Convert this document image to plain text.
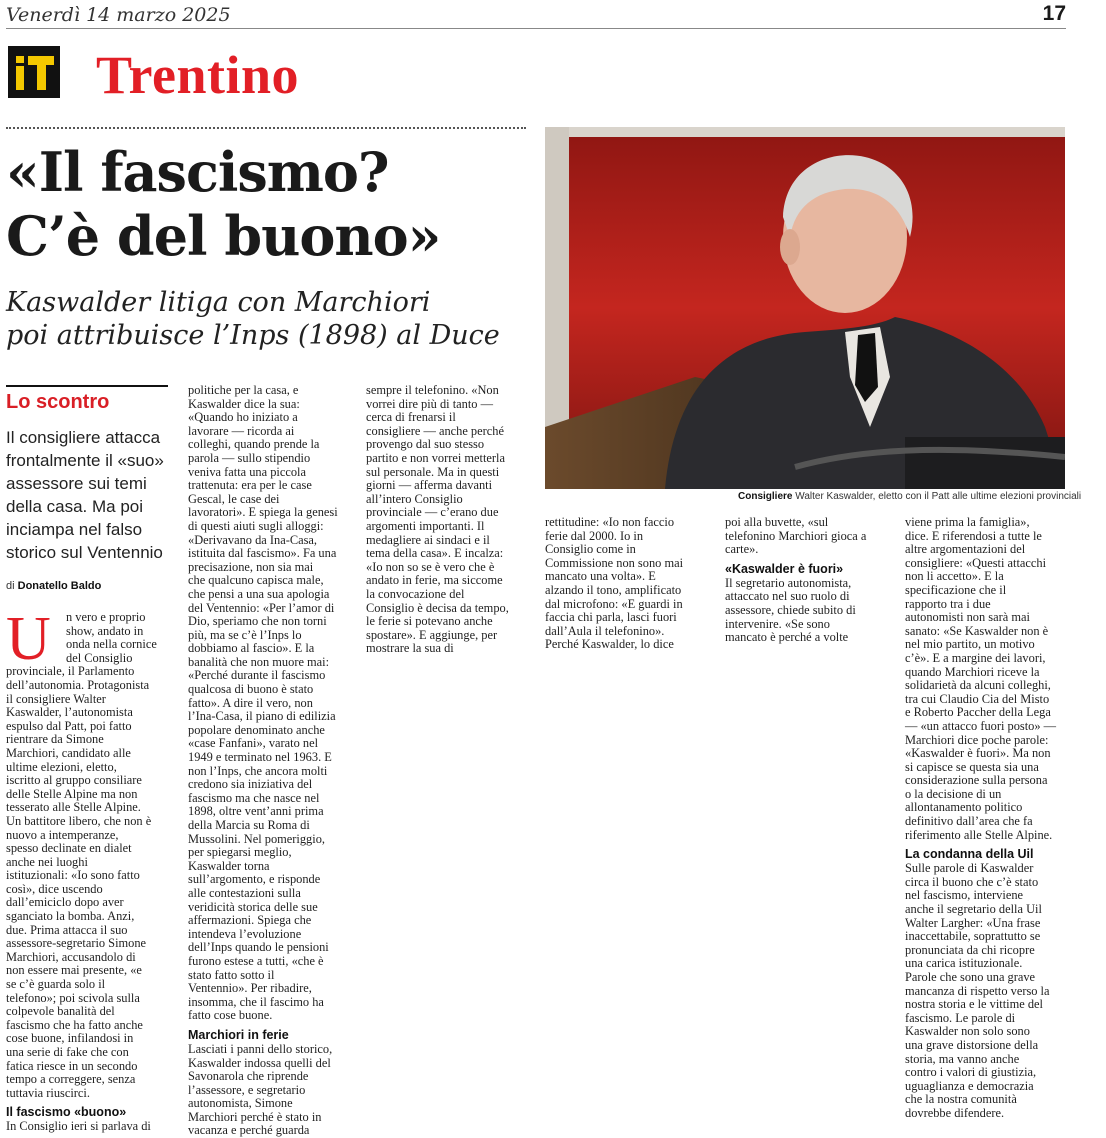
Venerdì 14 marzo 2025	17
Trentino
«Il fascismo?
C’è del buono»
Kaswalder litiga con Marchiori
poi attribuisce l’Inps (1898) al Duce
Consigliere Walter Kaswalder, eletto con il Patt alle ultime elezioni provinciali
Lo scontro
Il consigliere attacca
frontalmente il «suo»
assessore sui temi
della casa. Ma poi
inciampa nel falso
storico sul Ventennio
di Donatello Baldo
U	n vero e proprio
show, andato in
onda nella cornice
del Consiglio
provinciale, il Parlamento
dell’autonomia. Protagonista
il consigliere Walter
Kaswalder, l’autonomista
espulso dal Patt, poi fatto
rientrare da Simone
Marchiori, candidato alle
ultime elezioni, eletto,
iscritto al gruppo consiliare
delle Stelle Alpine ma non
tesserato alle Stelle Alpine.
Un battitore libero, che non è
nuovo a intemperanze,
spesso declinate en dialet
anche nei luoghi
istituzionali: «Io sono fatto
così», dice uscendo
dall’emiciclo dopo aver
sganciato la bomba. Anzi,
due. Prima attacca il suo
assessore-segretario Simone
Marchiori, accusandolo di
non essere mai presente, «e
se c’è guarda solo il
telefono»; poi scivola sulla
colpevole banalità del
fascismo che ha fatto anche
cose buone, infilandosi in
una serie di fake che con
fatica riesce in un secondo
tempo a correggere, senza
tuttavia riuscirci.
Il fascismo «buono»
In Consiglio ieri si parlava di
politiche per la casa, e
Kaswalder dice la sua:
«Quando ho iniziato a
lavorare — ricorda ai
colleghi, quando prende la
parola — sullo stipendio
veniva fatta una piccola
trattenuta: era per le case
Gescal, le case dei
lavoratori». E spiega la genesi
di questi aiuti sugli alloggi:
«Derivavano da Ina-Casa,
istituita dal fascismo». Fa una
precisazione, non sia mai
che qualcuno capisca male,
che pensi a una sua apologia
del Ventennio: «Per l’amor di
Dio, speriamo che non torni
più, ma se c’è l’Inps lo
dobbiamo al fascio». E la
banalità che non muore mai:
«Perché durante il fascismo
qualcosa di buono è stato
fatto». A dire il vero, non
l’Ina-Casa, il piano di edilizia
popolare denominato anche
«case Fanfani», varato nel
1949 e terminato nel 1963. E
non l’Inps, che ancora molti
credono sia iniziativa del
fascismo ma che nasce nel
1898, oltre vent’anni prima
della Marcia su Roma di
Mussolini. Nel pomeriggio,
per spiegarsi meglio,
Kaswalder torna
sull’argomento, e risponde
alle contestazioni sulla
veridicità storica delle sue
affermazioni. Spiega che
intendeva l’evoluzione
dell’Inps quando le pensioni
furono estese a tutti, «che è
stato fatto sotto il
Ventennio». Per ribadire,
insomma, che il fascimo ha
fatto cose buone.
Marchiori in ferie
Lasciati i panni dello storico,
Kaswalder indossa quelli del
Savonarola che riprende
l’assessore, e segretario
autonomista, Simone
Marchiori perché è stato in
vacanza e perché guarda
sempre il telefonino. «Non
vorrei dire più di tanto —
cerca di frenarsi il
consigliere — anche perché
provengo dal suo stesso
partito e non vorrei metterla
sul personale. Ma in questi
giorni — afferma davanti
all’intero Consiglio
provinciale — c’erano due
argomenti importanti. Il
medagliere ai sindaci e il
tema della casa». E incalza:
«Io non so se è vero che è
andato in ferie, ma siccome
la convocazione del
Consiglio è decisa da tempo,
le ferie si potevano anche
spostare». E aggiunge, per
mostrare la sua di
rettitudine: «Io non faccio
ferie dal 2000. Io in
Consiglio come in
Commissione non sono mai
mancato una volta». E
alzando il tono, amplificato
dal microfono: «E guardi in
faccia chi parla, lasci fuori
dall’Aula il telefonino».
Perché Kaswalder, lo dice
poi alla buvette, «sul
telefonino Marchiori gioca a
carte».
«Kaswalder è fuori»
Il segretario autonomista,
attaccato nel suo ruolo di
assessore, chiede subito di
intervenire. «Se sono
mancato è perché a volte
viene prima la famiglia»,
dice. E riferendosi a tutte le
altre argomentazioni del
consigliere: «Questi attacchi
non li accetto». E la
specificazione che il
rapporto tra i due
autonomisti non sarà mai
sanato: «Se Kaswalder non è
nel mio partito, un motivo
c’è». E a margine dei lavori,
quando Marchiori riceve la
solidarietà da alcuni colleghi,
tra cui Claudio Cia del Misto
e Roberto Paccher della Lega
— «un attacco fuori posto» —
Marchiori dice poche parole:
«Kaswalder è fuori». Ma non
si capisce se questa sia una
considerazione sulla persona
o la decisione di un
allontanamento politico
definitivo dall’area che fa
riferimento alle Stelle Alpine.
La condanna della Uil
Sulle parole di Kaswalder
circa il buono che c’è stato
nel fascismo, interviene
anche il segretario della Uil
Walter Largher: «Una frase
inaccettabile, soprattutto se
pronunciata da chi ricopre
una carica istituzionale.
Parole che sono una grave
mancanza di rispetto verso la
nostra storia e le vittime del
fascismo. Le parole di
Kaswalder non solo sono
una grave distorsione della
storia, ma vanno anche
contro i valori di giustizia,
uguaglianza e democrazia
che la nostra comunità
dovrebbe difendere.
